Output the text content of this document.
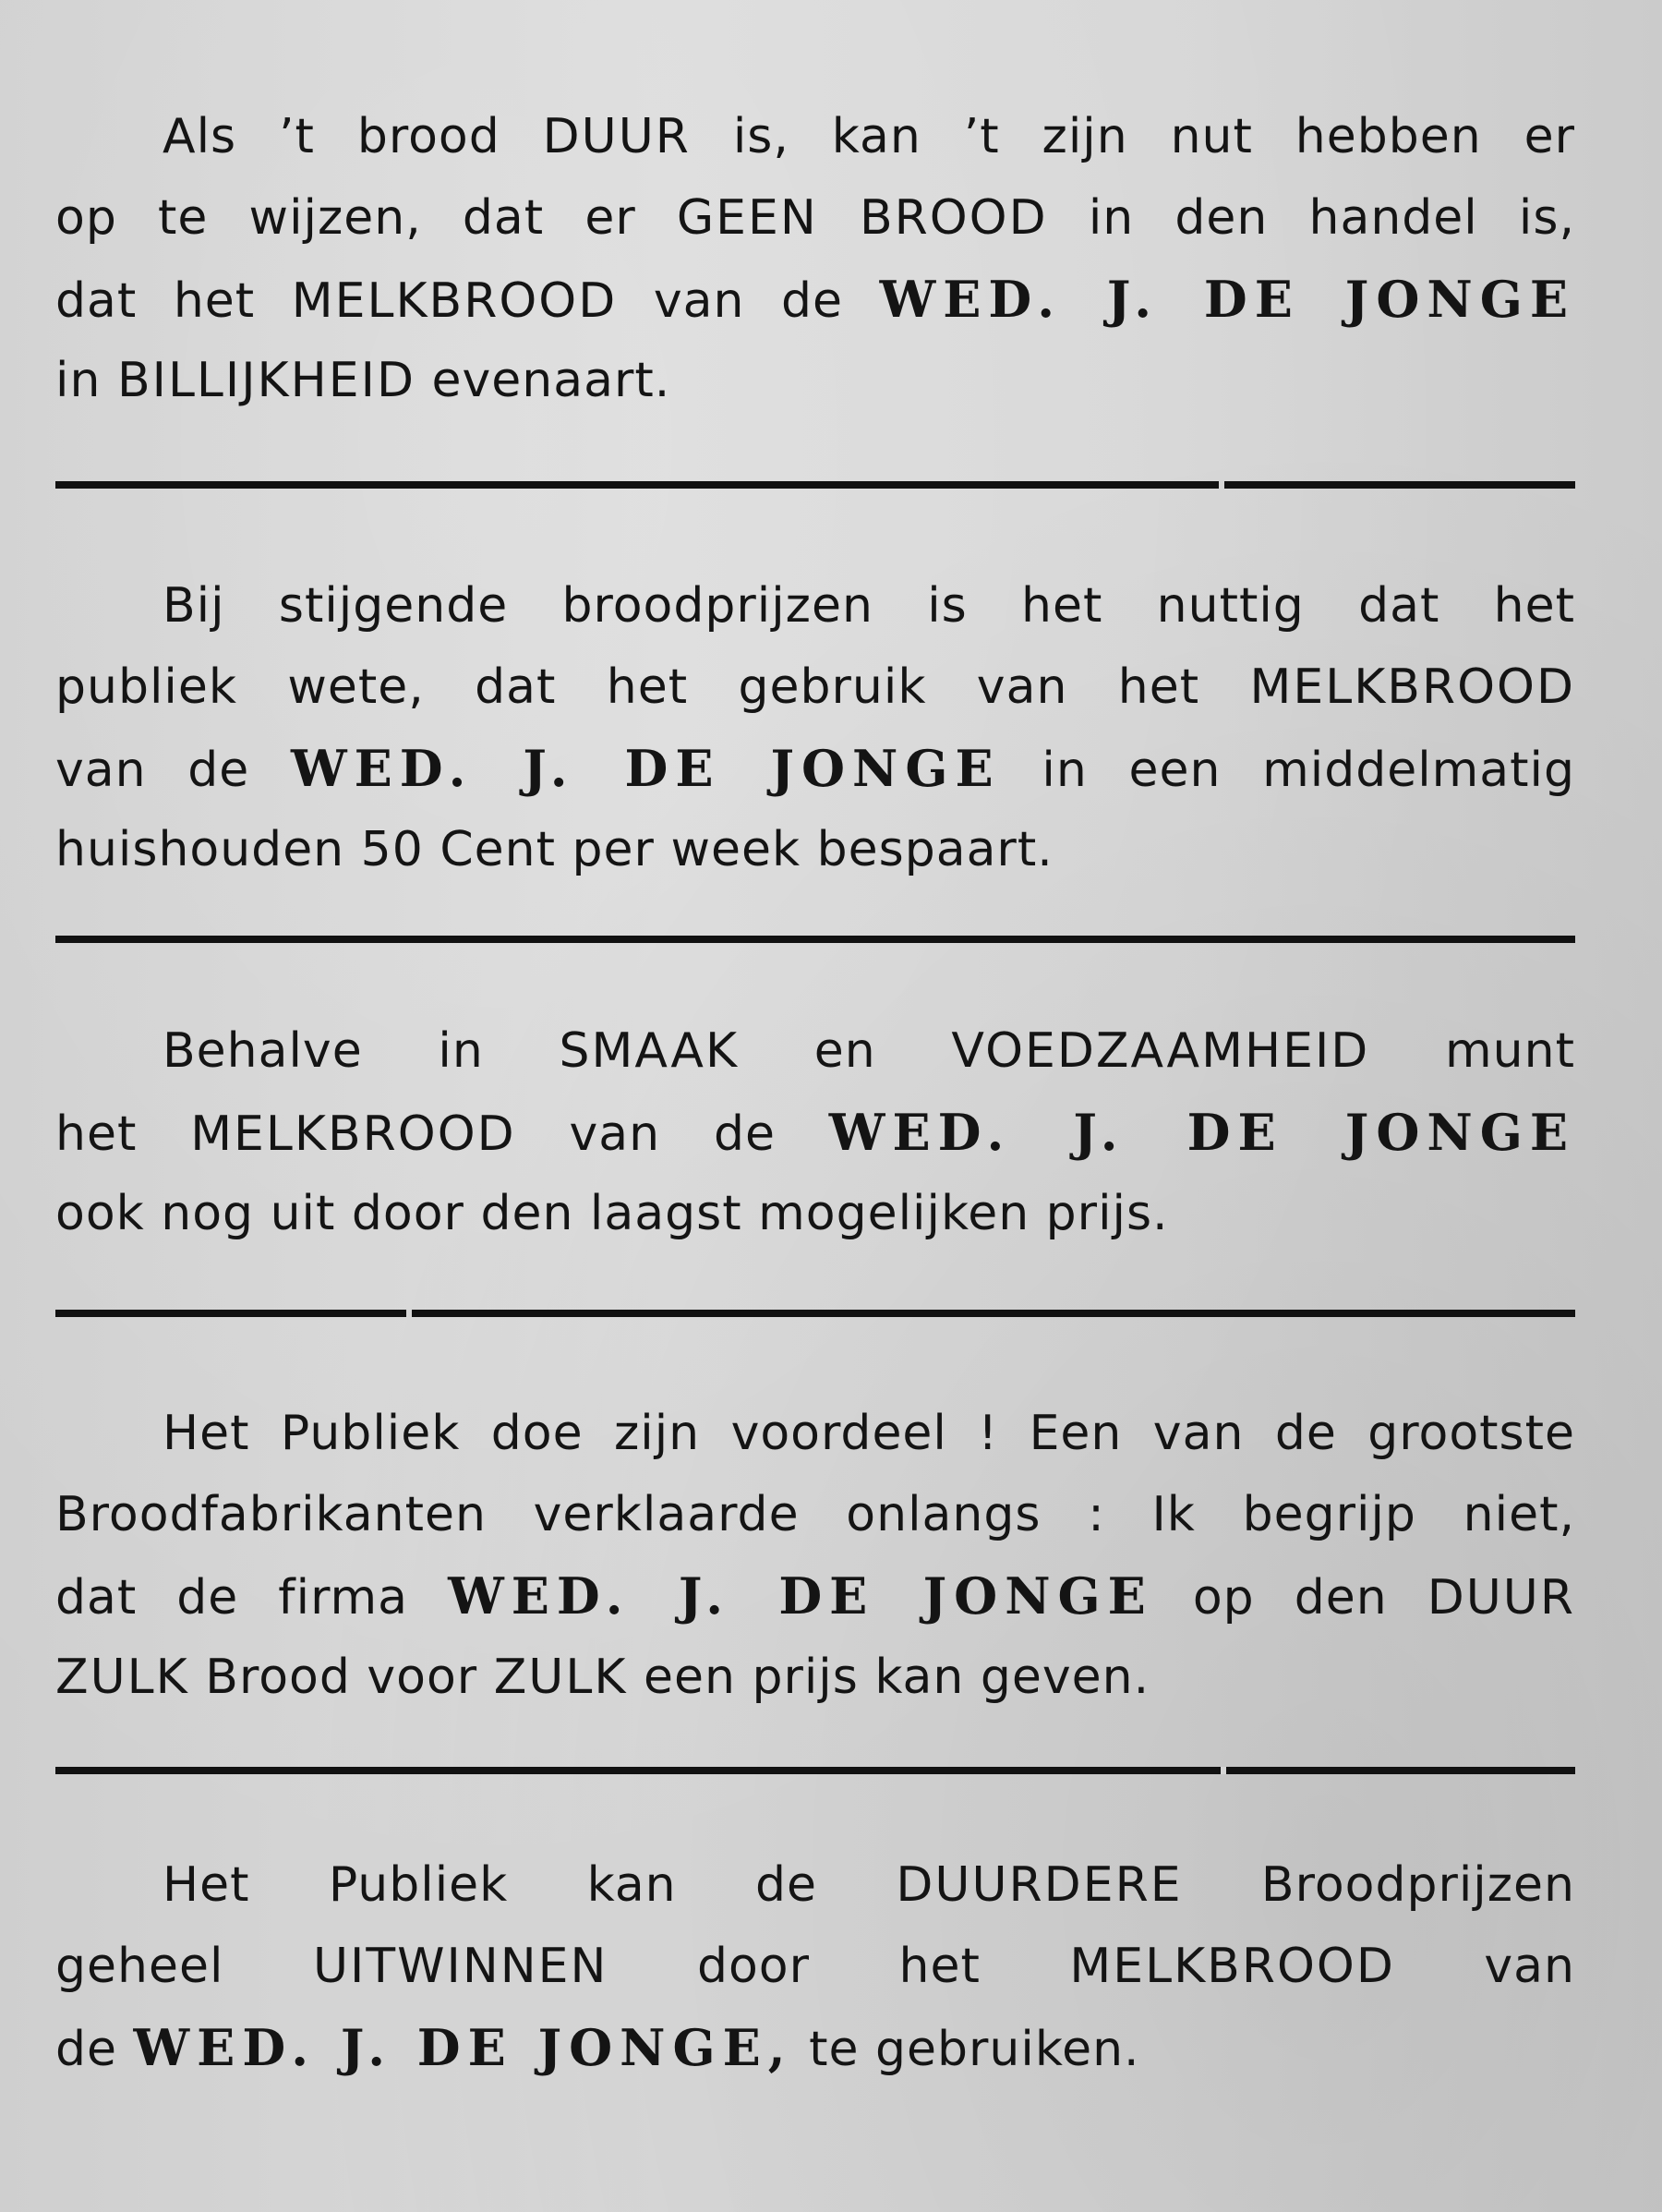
Als ’t brood DUUR is, kan ’t zijn nut hebben er
op te wijzen, dat er GEEN BROOD in den handel is,
dat het MELKBROOD van de WED. J. DE JONGE
in BILLIJKHEID evenaart.
Bij stijgende broodprijzen is het nuttig dat het
publiek wete, dat het gebruik van het MELKBROOD
van de WED. J. DE JONGE in een middelmatig
huishouden 50 Cent per week bespaart.
Behalve in SMAAK en VOEDZAAMHEID munt
het MELKBROOD van de WED. J. DE JONGE
ook nog uit door den laagst mogelijken prijs.
Het Publiek doe zijn voordeel ! Een van de grootste
Broodfabrikanten verklaarde onlangs : Ik begrijp niet,
dat de firma WED. J. DE JONGE op den DUUR
ZULK Brood voor ZULK een prijs kan geven.
Het Publiek kan de DUURDERE Broodprijzen
geheel UITWINNEN door het MELKBROOD van
de WED. J. DE JONGE, te gebruiken.
